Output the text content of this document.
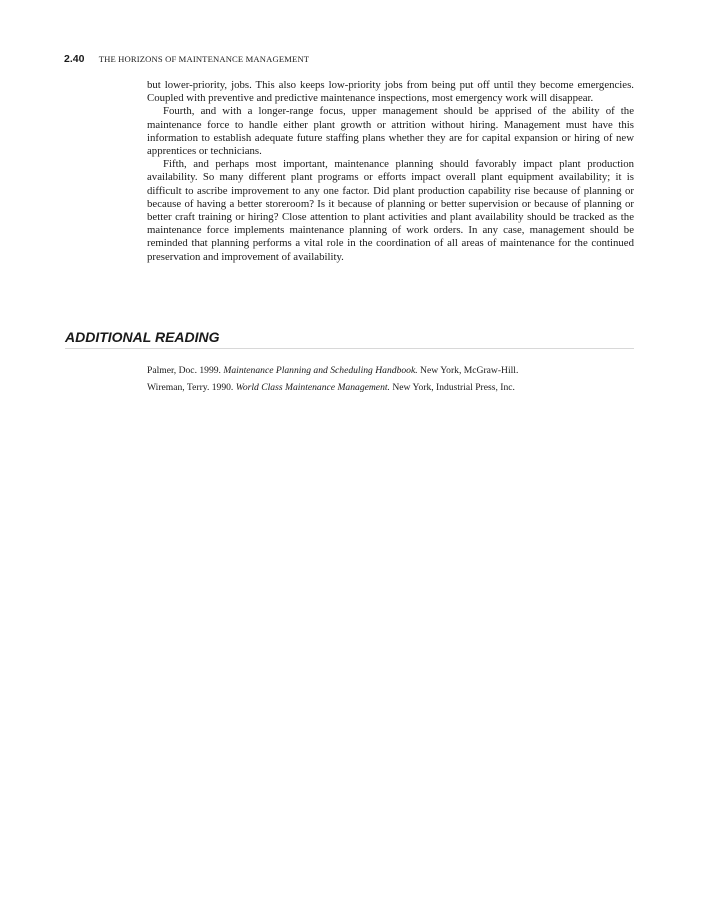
2.40 THE HORIZONS OF MAINTENANCE MANAGEMENT

but lower-priority, jobs. This also keeps low-priority jobs from being put off until they become emergencies. Coupled with preventive and predictive maintenance inspections, most emergency work will disappear.

Fourth, and with a longer-range focus, upper management should be apprised of the ability of the maintenance force to handle either plant growth or attrition without hiring. Management must have this information to establish adequate future staffing plans whether they are for capital expansion or hiring of new apprentices or technicians.

Fifth, and perhaps most important, maintenance planning should favorably impact plant production availability. So many different plant programs or efforts impact overall plant equipment availability; it is difficult to ascribe improvement to any one factor. Did plant production capability rise because of planning or because of having a better storeroom? Is it because of planning or better supervision or because of planning or better craft training or hiring? Close attention to plant activities and plant availability should be tracked as the maintenance force implements maintenance planning of work orders. In any case, management should be reminded that planning performs a vital role in the coordination of all areas of maintenance for the continued preservation and improvement of availability.

ADDITIONAL READING
Palmer, Doc. 1999. Maintenance Planning and Scheduling Handbook. New York, McGraw-Hill.
Wireman, Terry. 1990. World Class Maintenance Management. New York, Industrial Press, Inc.
